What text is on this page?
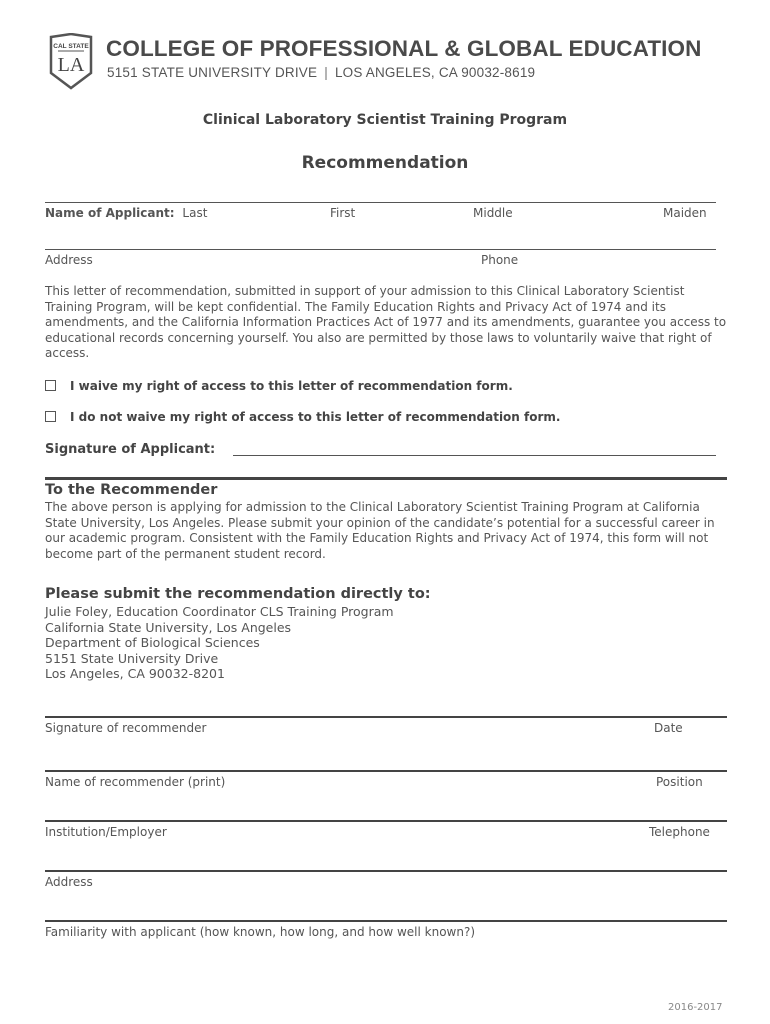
CAL STATE
LA
COLLEGE OF PROFESSIONAL & GLOBAL EDUCATION
5151 STATE UNIVERSITY DRIVE | LOS ANGELES, CA 90032-8619
Clinical Laboratory Scientist Training Program
Recommendation
Name of Applicant: Last	First	Middle	Maiden
Address	Phone
This letter of recommendation, submitted in support of your admission to this Clinical Laboratory Scientist Training Program, will be kept confidential. The Family Education Rights and Privacy Act of 1974 and its amendments, and the California Information Practices Act of 1977 and its amendments, guarantee you access to educational records concerning yourself. You also are permitted by those laws to voluntarily waive that right of access.
I waive my right of access to this letter of recommendation form.
I do not waive my right of access to this letter of recommendation form.
Signature of Applicant:
To the Recommender
The above person is applying for admission to the Clinical Laboratory Scientist Training Program at California State University, Los Angeles. Please submit your opinion of the candidate’s potential for a successful career in our academic program. Consistent with the Family Education Rights and Privacy Act of 1974, this form will not become part of the permanent student record.
Please submit the recommendation directly to:
Julie Foley, Education Coordinator CLS Training Program
California State University, Los Angeles
Department of Biological Sciences
5151 State University Drive
Los Angeles, CA 90032-8201
Signature of recommender	Date
Name of recommender (print)	Position
Institution/Employer	Telephone
Address
Familiarity with applicant (how known, how long, and how well known?)
2016-2017
